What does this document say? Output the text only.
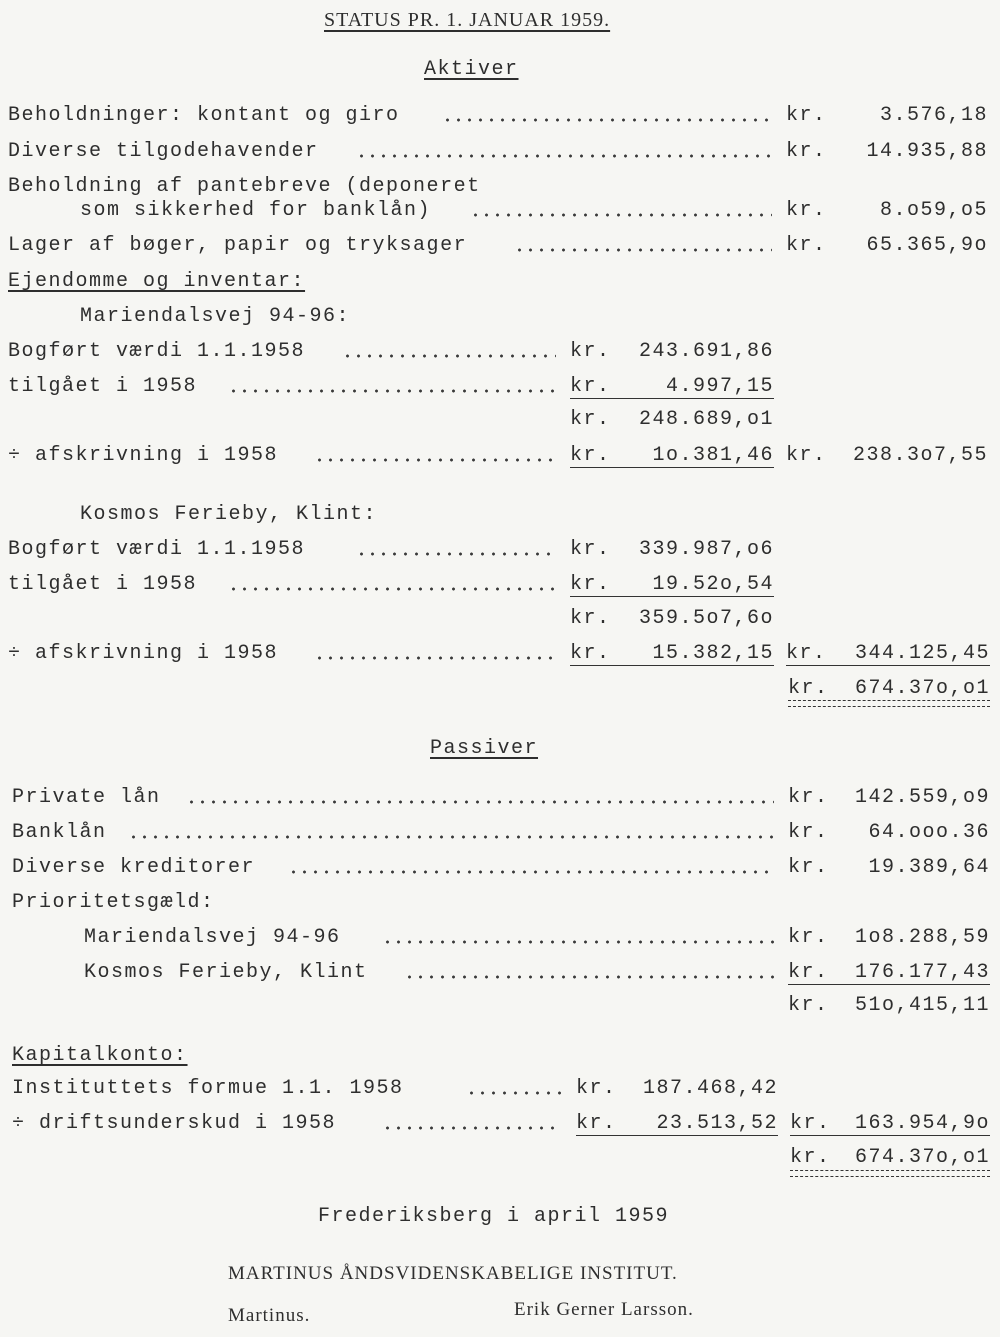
STATUS PR. 1. JANUAR 1959.
Aktiver
Beholdninger: kontant og giro	kr.	3.576,18
Diverse tilgodehavender	kr.	14.935,88
Beholdning af pantebreve (deponeret
som sikkerhed for banklån)	kr.	8.o59,o5
Lager af bøger, papir og tryksager	kr.	65.365,9o
Ejendomme og inventar:
Mariendalsvej 94-96:
Bogført værdi 1.1.1958	kr.	243.691,86
tilgået i 1958	kr.	4.997,15
kr.	248.689,o1
÷ afskrivning i 1958	kr.	1o.381,46 kr.	238.3o7,55
Kosmos Ferieby, Klint:
Bogført værdi 1.1.1958	kr.	339.987,o6
tilgået i 1958	kr.	19.52o,54
kr.	359.5o7,6o
÷ afskrivning i 1958	kr.	15.382,15 kr.	344.125,45
kr.	674.37o,o1
Passiver
Private lån	kr.	142.559,o9
Banklån	kr.	64.ooo.36
Diverse kreditorer	kr.	19.389,64
Prioritetsgæld:
Mariendalsvej 94-96	kr.	1o8.288,59
Kosmos Ferieby, Klint	kr.	176.177,43
kr.	51o,415,11
Kapitalkonto:
Instituttets formue 1.1. 1958	kr.	187.468,42
÷ driftsunderskud i 1958	kr.	23.513,52 kr.	163.954,9o
kr.	674.37o,o1
Frederiksberg i april 1959
MARTINUS ÅNDSVIDENSKABELIGE INSTITUT.
Martinus.	Erik Gerner Larsson.
